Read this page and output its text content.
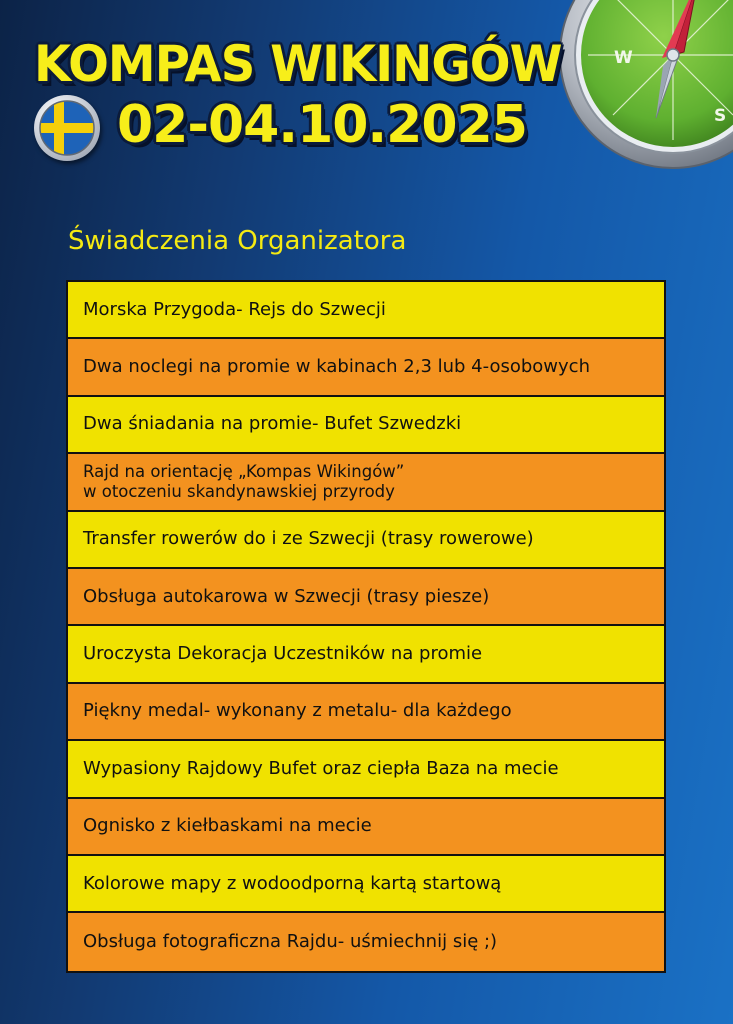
W
S
KOMPAS WIKINGÓW
02-04.10.2025
Świadczenia Organizatora
Morska Przygoda- Rejs do Szwecji
Dwa noclegi na promie w kabinach 2,3 lub 4-osobowych
Dwa śniadania na promie- Bufet Szwedzki
Rajd na orientację „Kompas Wikingów”
w otoczeniu skandynawskiej przyrody
Transfer rowerów do i ze Szwecji (trasy rowerowe)
Obsługa autokarowa w Szwecji (trasy piesze)
Uroczysta Dekoracja Uczestników na promie
Piękny medal- wykonany z metalu- dla każdego
Wypasiony Rajdowy Bufet oraz ciepła Baza na mecie
Ognisko z kiełbaskami na mecie
Kolorowe mapy z wodoodporną kartą startową
Obsługa fotograficzna Rajdu- uśmiechnij się ;)
